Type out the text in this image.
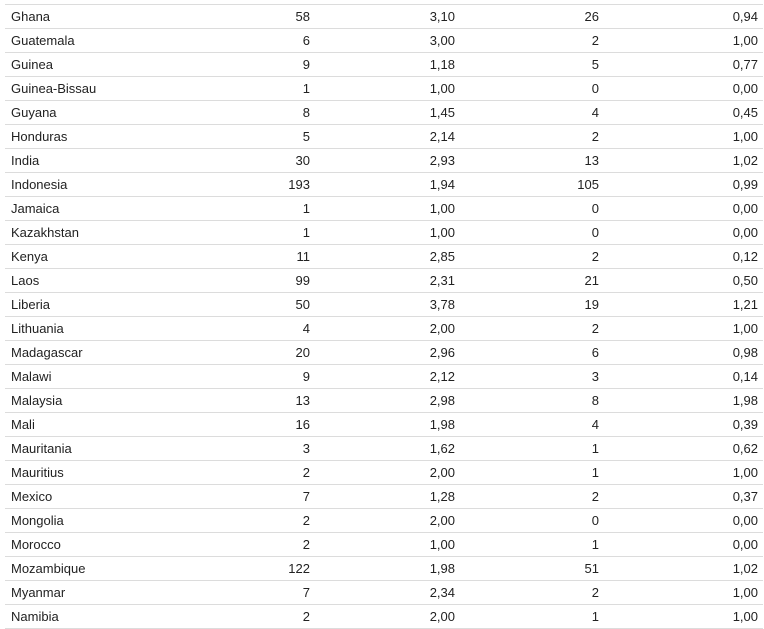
Ghana	58	3,10	26	0,94
Guatemala	6	3,00	2	1,00
Guinea	9	1,18	5	0,77
Guinea-Bissau	1	1,00	0	0,00
Guyana	8	1,45	4	0,45
Honduras	5	2,14	2	1,00
India	30	2,93	13	1,02
Indonesia	193	1,94	105	0,99
Jamaica	1	1,00	0	0,00
Kazakhstan	1	1,00	0	0,00
Kenya	11	2,85	2	0,12
Laos	99	2,31	21	0,50
Liberia	50	3,78	19	1,21
Lithuania	4	2,00	2	1,00
Madagascar	20	2,96	6	0,98
Malawi	9	2,12	3	0,14
Malaysia	13	2,98	8	1,98
Mali	16	1,98	4	0,39
Mauritania	3	1,62	1	0,62
Mauritius	2	2,00	1	1,00
Mexico	7	1,28	2	0,37
Mongolia	2	2,00	0	0,00
Morocco	2	1,00	1	0,00
Mozambique	122	1,98	51	1,02
Myanmar	7	2,34	2	1,00
Namibia	2	2,00	1	1,00
